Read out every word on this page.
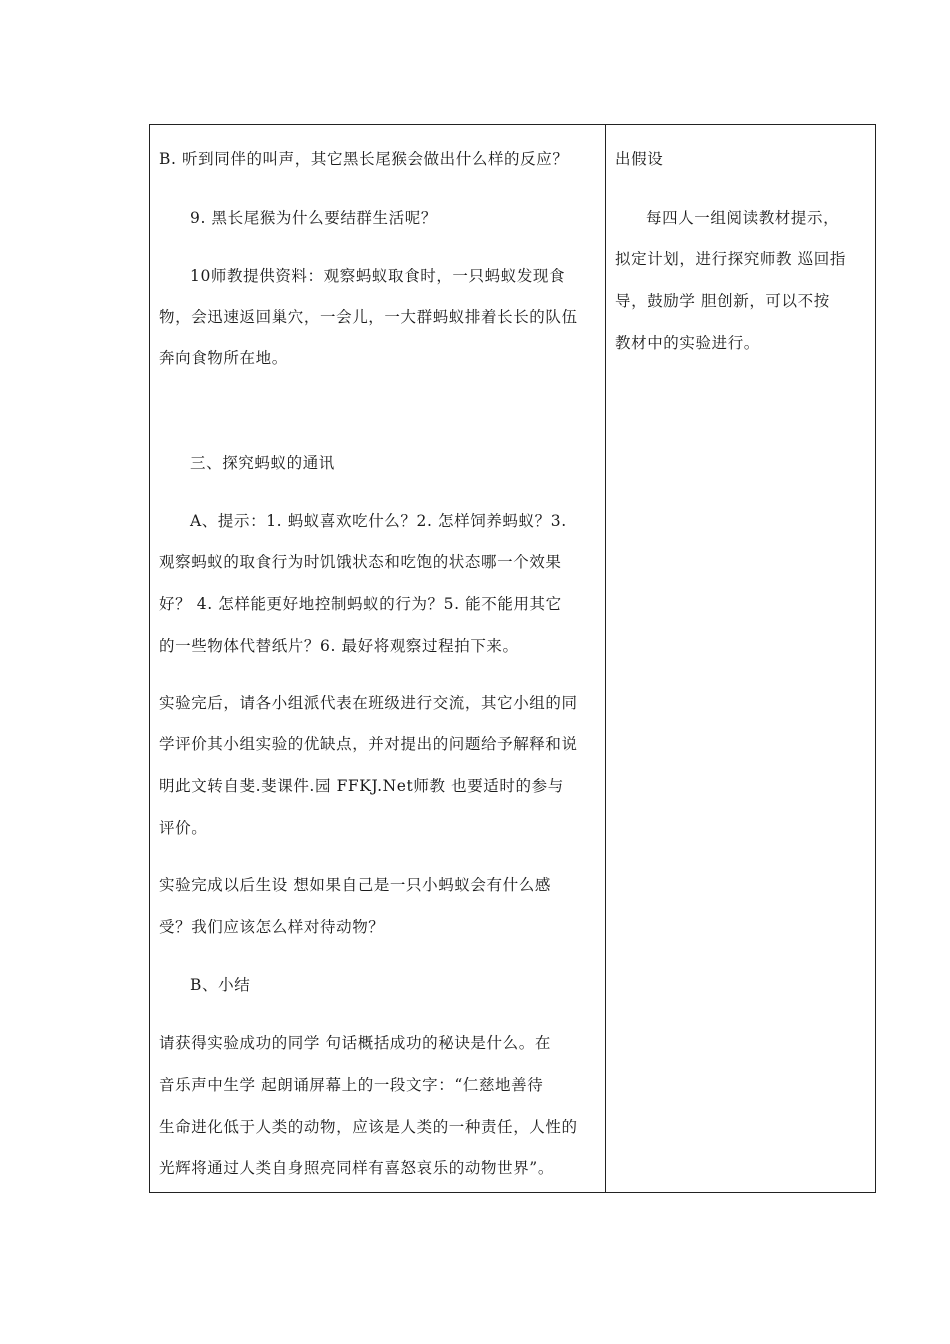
B. 听到同伴的叫声，其它黑长尾猴会做出什么样的反应？
9. 黑长尾猴为什么要结群生活呢？
10师教提供资料：观察蚂蚁取食时，一只蚂蚁发现食
物，会迅速返回巢穴，一会儿，一大群蚂蚁排着长长的队伍
奔向食物所在地。
三、探究蚂蚁的通讯
A、提示：1. 蚂蚁喜欢吃什么？2. 怎样饲养蚂蚁？3.
观察蚂蚁的取食行为时饥饿状态和吃饱的状态哪一个效果
好？ 4. 怎样能更好地控制蚂蚁的行为？5. 能不能用其它
的一些物体代替纸片？6. 最好将观察过程拍下来。
实验完后，请各小组派代表在班级进行交流，其它小组的同
学评价其小组实验的优缺点，并对提出的问题给予解释和说
明此文转自斐.斐课件.园 FFKJ.Net师教 也要适时的参与
评价。
实验完成以后生设 想如果自己是一只小蚂蚁会有什么感
受？我们应该怎么样对待动物？
B、小结
请获得实验成功的同学 句话概括成功的秘诀是什么。在
音乐声中生学 起朗诵屏幕上的一段文字：“仁慈地善待
生命进化低于人类的动物，应该是人类的一种责任，人性的
光辉将通过人类自身照亮同样有喜怒哀乐的动物世界”。
出假设
每四人一组阅读教材提示，
拟定计划，进行探究师教 巡回指
导，鼓励学 胆创新，可以不按
教材中的实验进行。
